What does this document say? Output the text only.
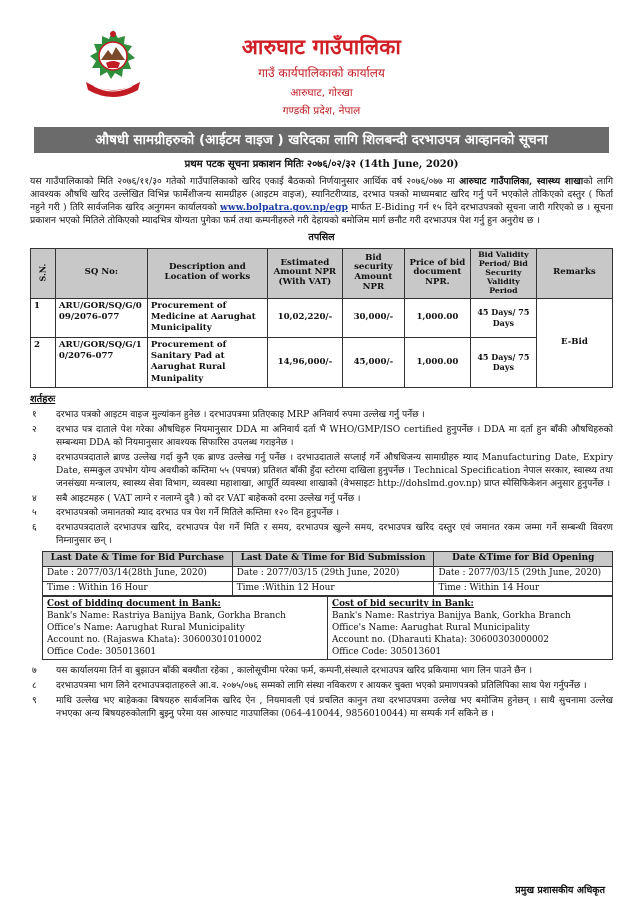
आरुघाट गाउँपालिका
गाउँ कार्यपालिकाको कार्यालय
आरुघाट, गोरखा
गण्डकी प्रदेश, नेपाल
औषधी सामग्रीहरुको (आईटम वाइज ) खरिदका लागि शिलबन्दी दरभाउपत्र आव्हानको सूचना
प्रथम पटक सूचना प्रकाशन मितिः २०७६/०२/३२ (14th June, 2020)
यस गाउँपालिकाको मिति २०७६/११/३० गतेको गाउँपालिकाको खरिद एकाई बैठकको निर्णयानुसार आर्थिक वर्ष २०७६/०७७ मा आरुघाट गाउँपालिका, स्वास्थ्य शाखाको लागि आवश्यक औषधि खरिद उल्लेखित विभिन्न फार्मेशीजन्य सामग्रीहरु (आइटम वाइज), स्यानिटरीप्याड, दरभाउ पत्रको माध्यमबाट खरिद गर्नु पर्ने भएकोले तोकिएको दस्तुर ( फिर्ता नहुने गरी ) तिरि सार्वजनिक खरिद अनुगमन कार्यालयको www.bolpatra.gov.np/egp मार्फत E-Biding गर्न १५ दिने दरभाउपत्रको सूचना जारी गरिएको छ । सूचना प्रकाशन भएको मितिले तोकिएको म्यादभित्र योग्यता पुगेका फर्म तथा कम्पनीहरुले गरी देहायको बमोजिम मार्ग छनौट गरी दरभाउपत्र पेश गर्नु हुन अनुरोध छ ।
तपसिल
S.N.	SQ No:	Description and Location of works	Estimated Amount NPR (With VAT)	Bid security Amount NPR	Price of bid document NPR.	Bid Validity Period/ Bid Security Validity Period	Remarks
1	ARU/GOR/SQ/G/009/2076-077	Procurement of Medicine at Aarughat Municipality	10,02,220/-	30,000/-	1,000.00	45 Days/ 75 Days	E-Bid
2	ARU/GOR/SQ/G/10/2076-077	Procurement of Sanitary Pad at Aarughat Rural Munipality	14,96,000/-	45,000/-	1,000.00	45 Days/ 75 Days	
शर्तहरुः
१	दरभाउ पत्रको आइटम वाइज मुल्यांकन हुनेछ । दरभाउपत्रमा प्रतिएकाइ MRP अनिवार्य रुपमा उल्लेख गर्नु पर्नेछ ।
२	दरभाउ पत्र दाताले पेश गरेका औषधिहरु नियमानुसार DDA मा अनिवार्य दर्ता भै WHO/GMP/ISO certified हुनुपर्नेछ । DDA मा दर्ता हुन बाँकी औषधिहरुको सम्बन्धमा DDA को नियमानुसार आवश्यक सिफारिस उपलब्ध गराइनेछ ।
३	दरभाउपत्रदाताले ब्राण्ड उल्लेख गर्दा कुनै एक ब्राण्ड उल्लेख गर्नु पर्नेछ । दरभाउदाताले सप्लाई गर्ने औषधिजन्य सामाग्रीहरु म्याद Manufacturing Date, Expiry Date, सम्मकुल उपभोग योग्य अवधीको कम्तिमा ५५ (पचपन्न) प्रतिशत बाँकी हुँदा स्टोरमा दाखिला हुनुपर्नेछ । Technical Specification नेपाल सरकार, स्वास्थ्य तथा जनसंख्या मन्त्रालय, स्वास्थ्य सेवा विभाग, व्यवस्था महाशाखा, आपूर्ति व्यवस्था शाखाको (वेभसाइटः http://dohslmd.gov.np) प्राप्त स्पेसिफिकेशन अनुसार हुनुपर्नेछ ।
४	सबै आइटमहरु ( VAT लाग्ने र नलाग्ने दुवै ) को दर VAT बाहेकको दरमा उल्लेख गर्नु पर्नेछ ।
५	दरभाउपत्रको जमानतको म्याद दरभाउ पत्र पेश गर्ने मितिले कम्तिमा १२० दिन हुनुपर्नेछ ।
६	दरभाउपत्रदाताले दरभाउपत्र खरिद, दरभाउपत्र पेश गर्ने मिति र समय, दरभाउपत्र खुल्ने समय, दरभाउपत्र खरिद दस्तुर एवं जमानत रकम जम्मा गर्ने सम्बन्धी विवरण निम्नानुसार छन् ।
Last Date & Time for Bid Purchase	Last Date & Time for Bid Submission	Date &Time for Bid Opening
Date : 2077/03/14(28th June, 2020)	Date : 2077/03/15 (29th June, 2020)	Date : 2077/03/15 (29th June, 2020)
Time : Within 16 Hour	Time :Within 12 Hour	Time : Within 14 Hour
Cost of bidding document in Bank:
Bank's Name: Rastriya Banijya Bank, Gorkha Branch
Office's Name: Aarughat Rural Municipality
Account no. (Rajaswa Khata): 30600301010002
Office Code: 305013601

Cost of bid security in Bank:
Bank's Name: Rastriya Banijya Bank, Gorkha Branch
Office's Name: Aarughat Rural Municipality
Account no. (Dharauti Khata): 30600303000002
Office Code: 305013601
७	यस कार्यालयमा तिर्न वा बुझाउन बाँकी बक्यौता रहेका , कालोसूचीमा परेका फर्म, कम्पनी,संस्थाले दरभाउपत्र खरिद प्रकियामा भाग लिन पाउने छैन ।
८	दरभाउपत्रमा भाग लिने दरभाउपत्रदाताहरुले आ.व. २०७५/०७६ सम्मको लागि संस्था नविकरण र आयकर चुक्ता भएको प्रमाणपत्रको प्रतिलिपिका साथ पेश गर्नुपर्नेछ ।
९	माथि उल्लेख भए बाहेकका बिषयहरु सार्वजनिक खरिद ऐन , नियमावली एवं प्रचलित कानुन तथा दरभाउपत्रमा उल्लेख भए बमोजिम हुनेछन् । साथै सुचनामा उल्लेख नभएका अन्य बिषयहरुकोलागि बुझ्नु परेमा यस आरुघाट गाउपालिका (064-410044, 9856010044) मा सम्पर्क गर्न सकिने छ ।
प्रमुख प्रशासकीय अधिकृत
